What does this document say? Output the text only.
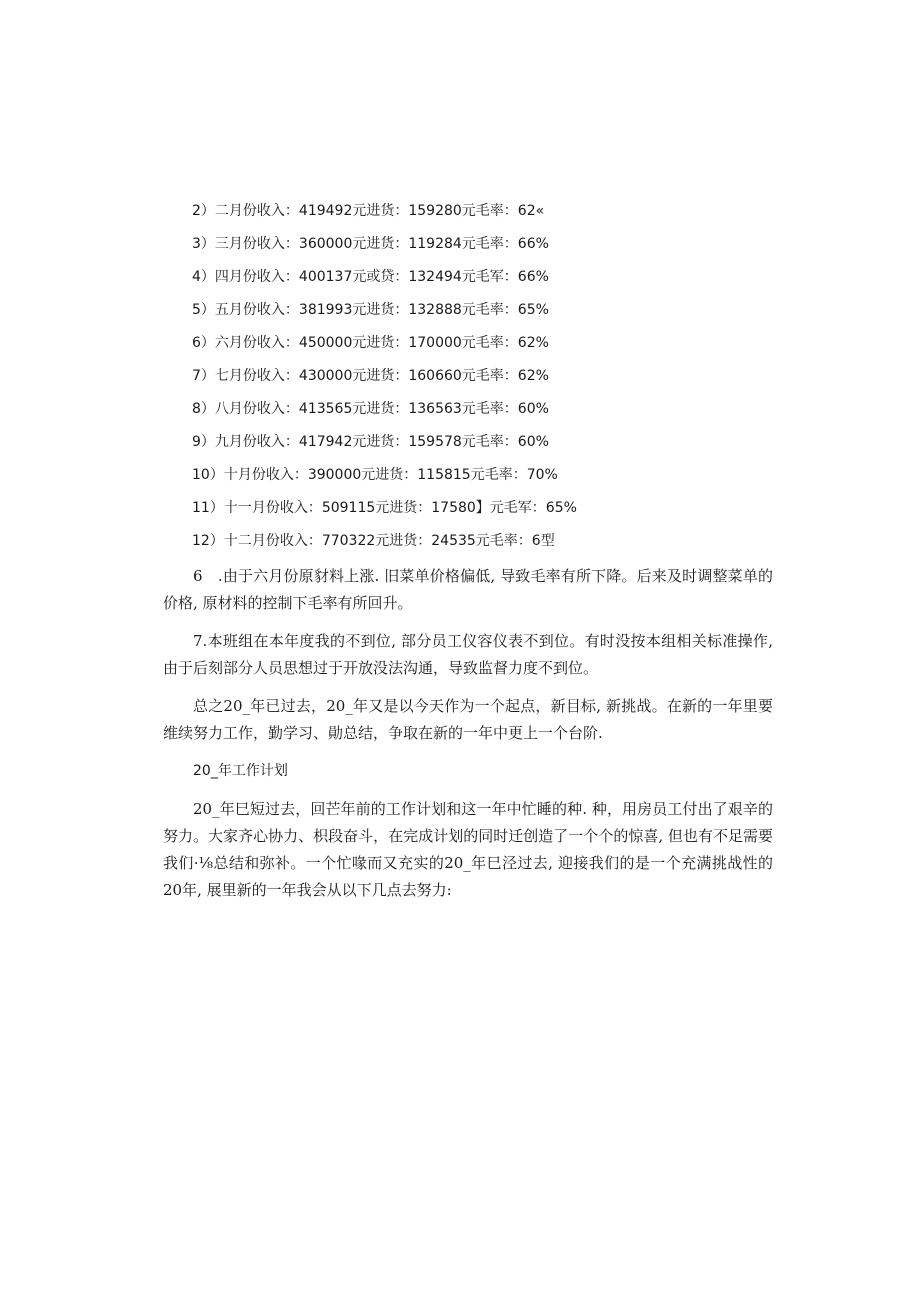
2）二月份收入：419492元进货：159280元毛率：62«
3）三月份收入：360000元进货：119284元毛率：66%
4）四月份收入：400137元或贷：132494元毛军：66%
5）五月份收入：381993元进货：132888元毛率：65%
6）六月份收入：450000元进货：170000元毛率：62%
7）七月份收入：430000元进货：160660元毛率：62%
8）八月份收入：413565元进货：136563元毛率：60%
9）九月份收入：417942元进货：159578元毛率：60%
10）十月份收入：390000元进货：115815元毛率：70%
11）十一月份收入：509115元进货：17580】元毛军：65%
12）十二月份收入：770322元进货：24535元毛率：6型

6　.由于六月份原豺料上涨. 旧菜单价格偏低, 导致毛率有所下降。后来及时调整菜单的价格, 原材料的控制下毛率有所回升。

7.本班组在本年度我的不到位, 部分员工仪容仪表不到位。有时没按本组相关标准操作, 由于后刻部分人员思想过于开放没法沟通，导致监督力度不到位。

总之20_年已过去，20_年又是以今天作为一个起点，新目标, 新挑战。在新的一年里要维续努力工作，勤学习、勛总结，争取在新的一年中更上一个台阶.

20_年工作计划

20_年巳短过去，回芒年前的工作计划和这一年中忙睡的种. 种，用房员工付出了艰辛的努力。大家齐心协力、枳段奋斗，在完成计划的同时迁创造了一个个的惊喜, 但也有不足需要我们·⅛总结和弥补。一个忙喙而又充实的20_年巳泾过去, 迎接我们的是一个充满挑战性的20年, 展里新的一年我会从以下几点去努力:
